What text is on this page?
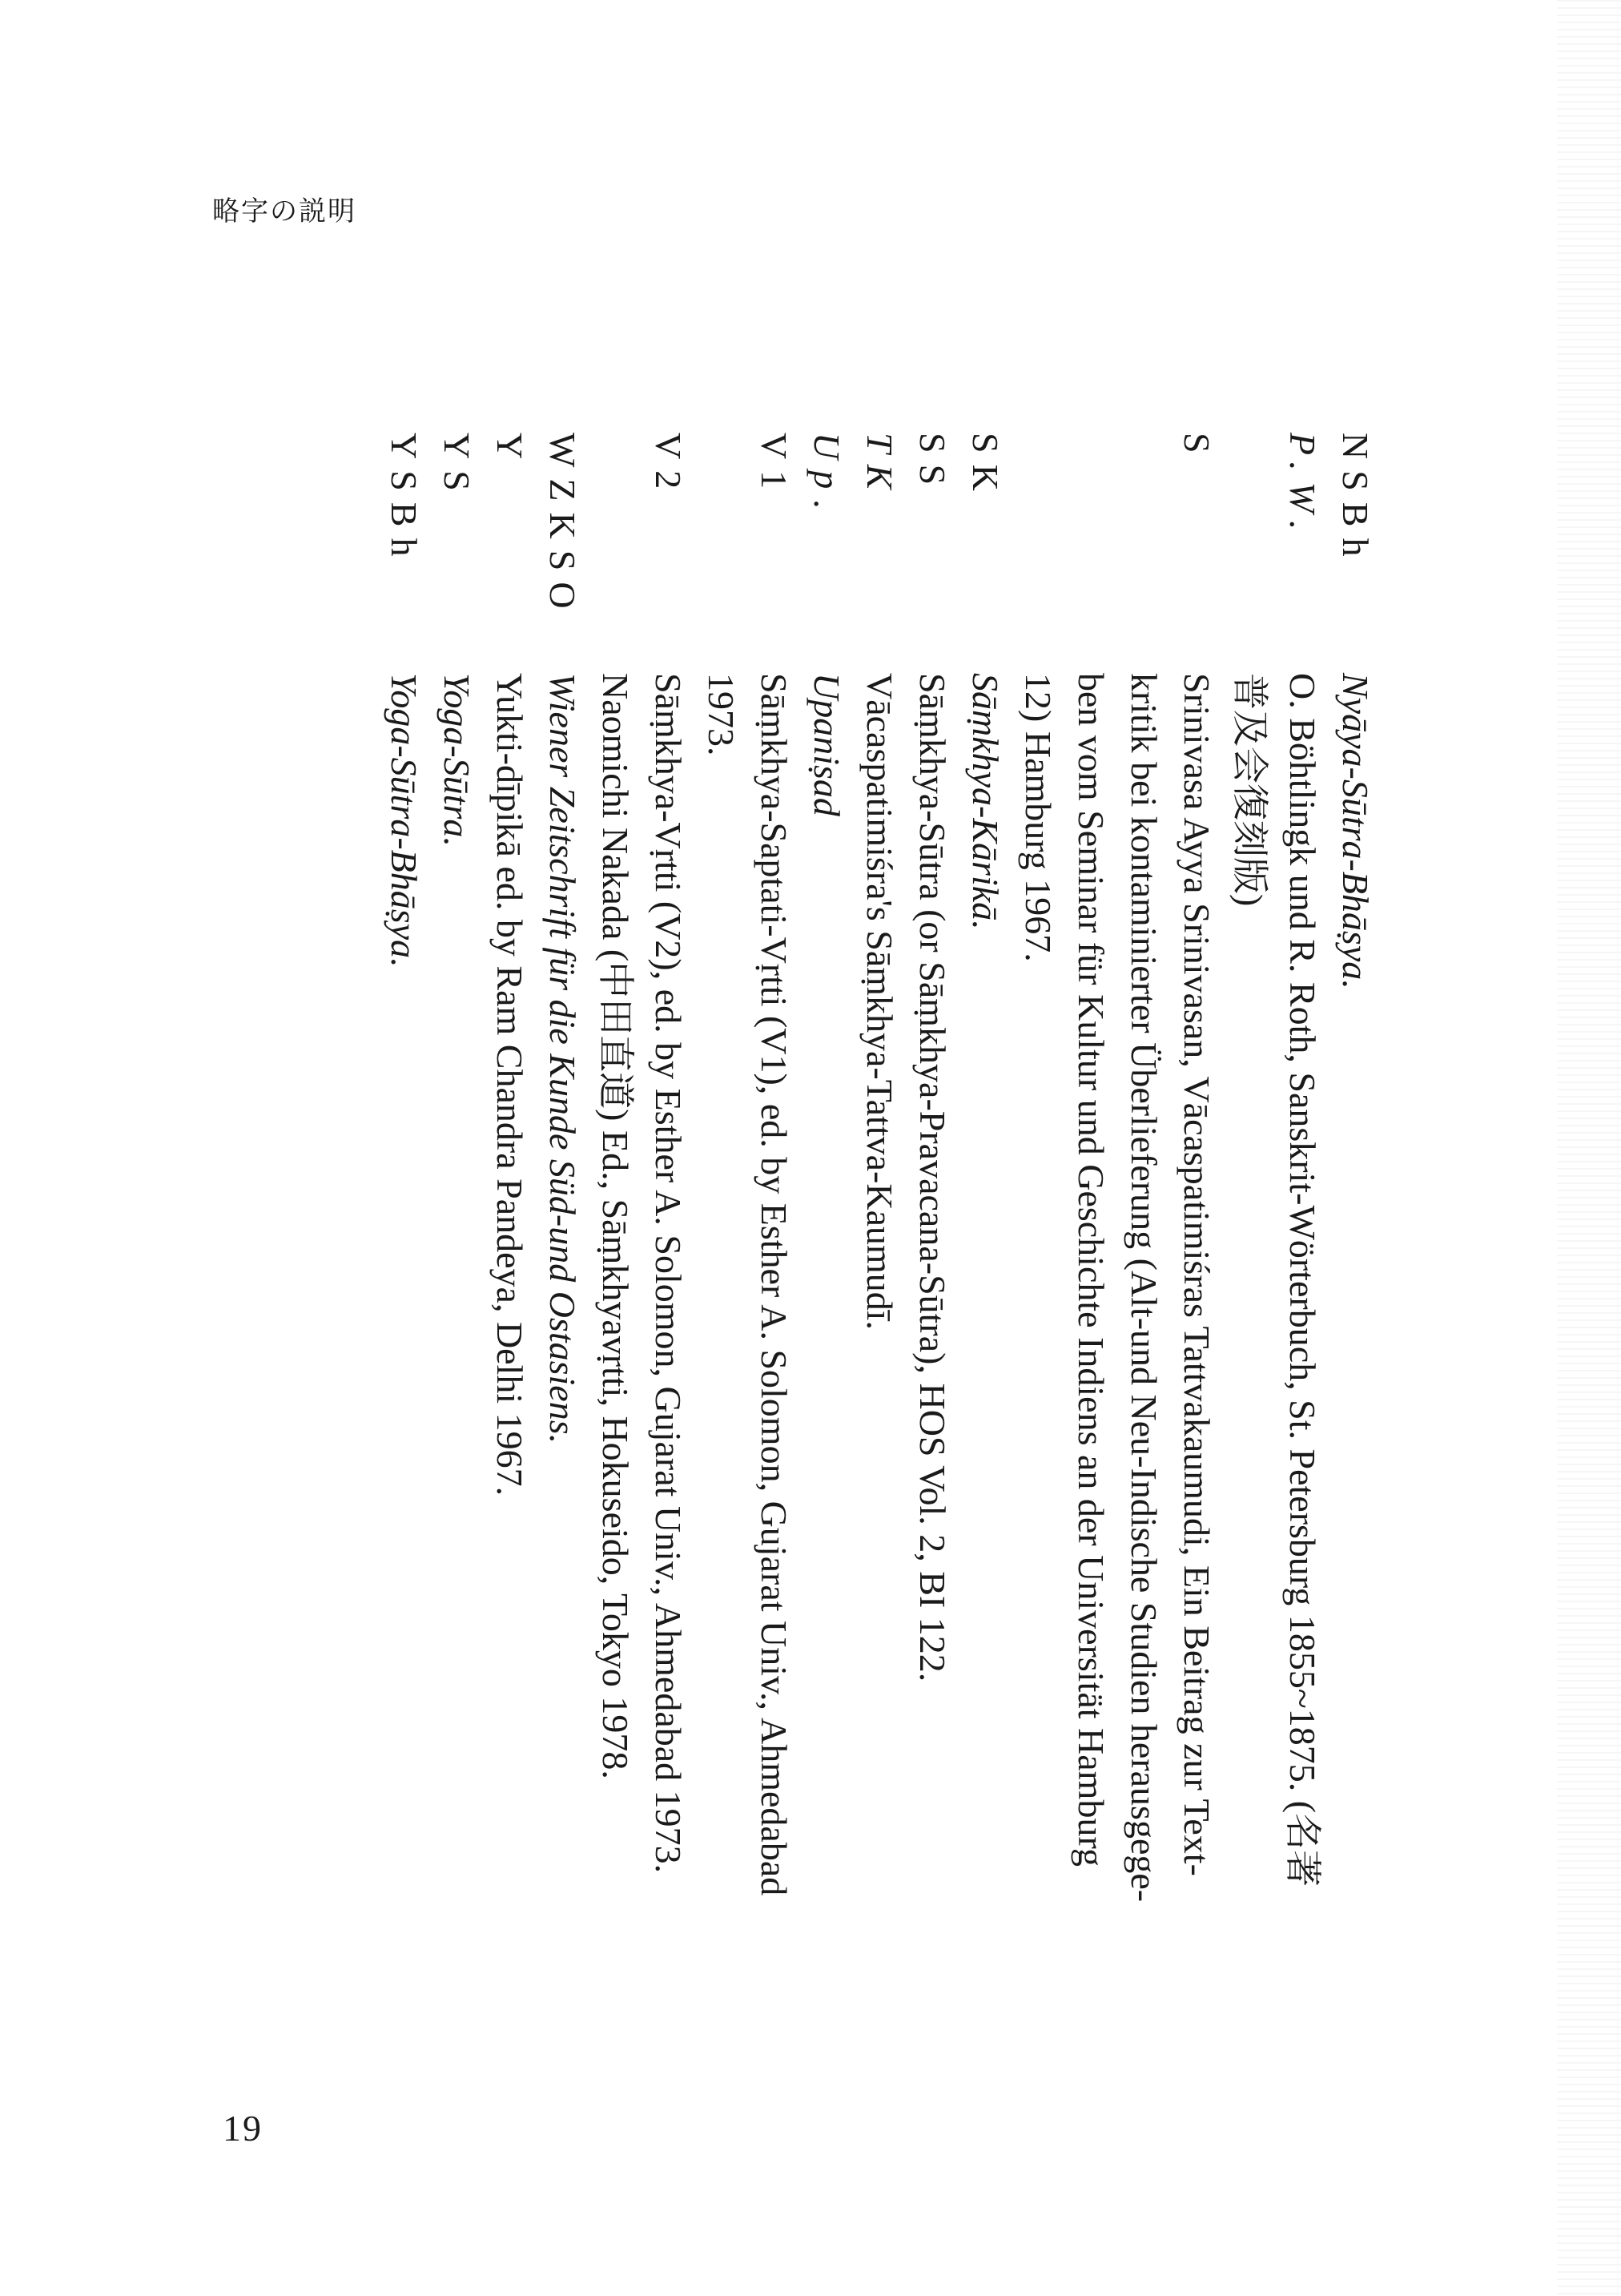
略字の説明
NSBh
Nyāya-Sūtra-Bhāṣya.
P.W.
O. Böhtlingk und R. Roth, Sanskrit-Wörterbuch, St. Petersburg 1855~1875. (名著
普及会復刻版)
S
Srinivasa Ayya Srinivasan, Vācaspatimiśras Tattvakaumudi, Ein Beitrag zur Text-
kritik bei kontaminierter Überlieferung (Alt-und Neu-Indische Studien herausgege-
ben vom Seminar für Kultur und Geschichte Indiens an der Universität Hamburg
12) Hamburg 1967.
SK
Sāṃkhya-Kārikā.
SS
Sāṃkhya-Sūtra (or Sāṃkhya-Pravacana-Sūtra), HOS Vol. 2, BI 122.
TK
Vācaspatimiśra's Sāṃkhya-Tattva-Kaumudī.
Up.
Upaniṣad
V1
Sāṃkhya-Saptati-Vṛtti (V1), ed. by Esther A. Solomon, Gujarat Univ., Ahmedabad
1973.
V2
Sāṃkhya-Vṛtti (V2), ed. by Esther A. Solomon, Gujarat Univ., Ahmedabad 1973.
Naomichi Nakada (中田直道) Ed., Sāṃkhyavṛtti, Hokuseido, Tokyo 1978.
WZKSO
Wiener Zeitschrift für die Kunde Süd-und Ostasiens.
Y
Yukti-dīpikā ed. by Ram Chandra Pandeya, Delhi 1967.
YS
Yoga-Sūtra.
YSBh
Yoga-Sūtra-Bhāṣya.
19
